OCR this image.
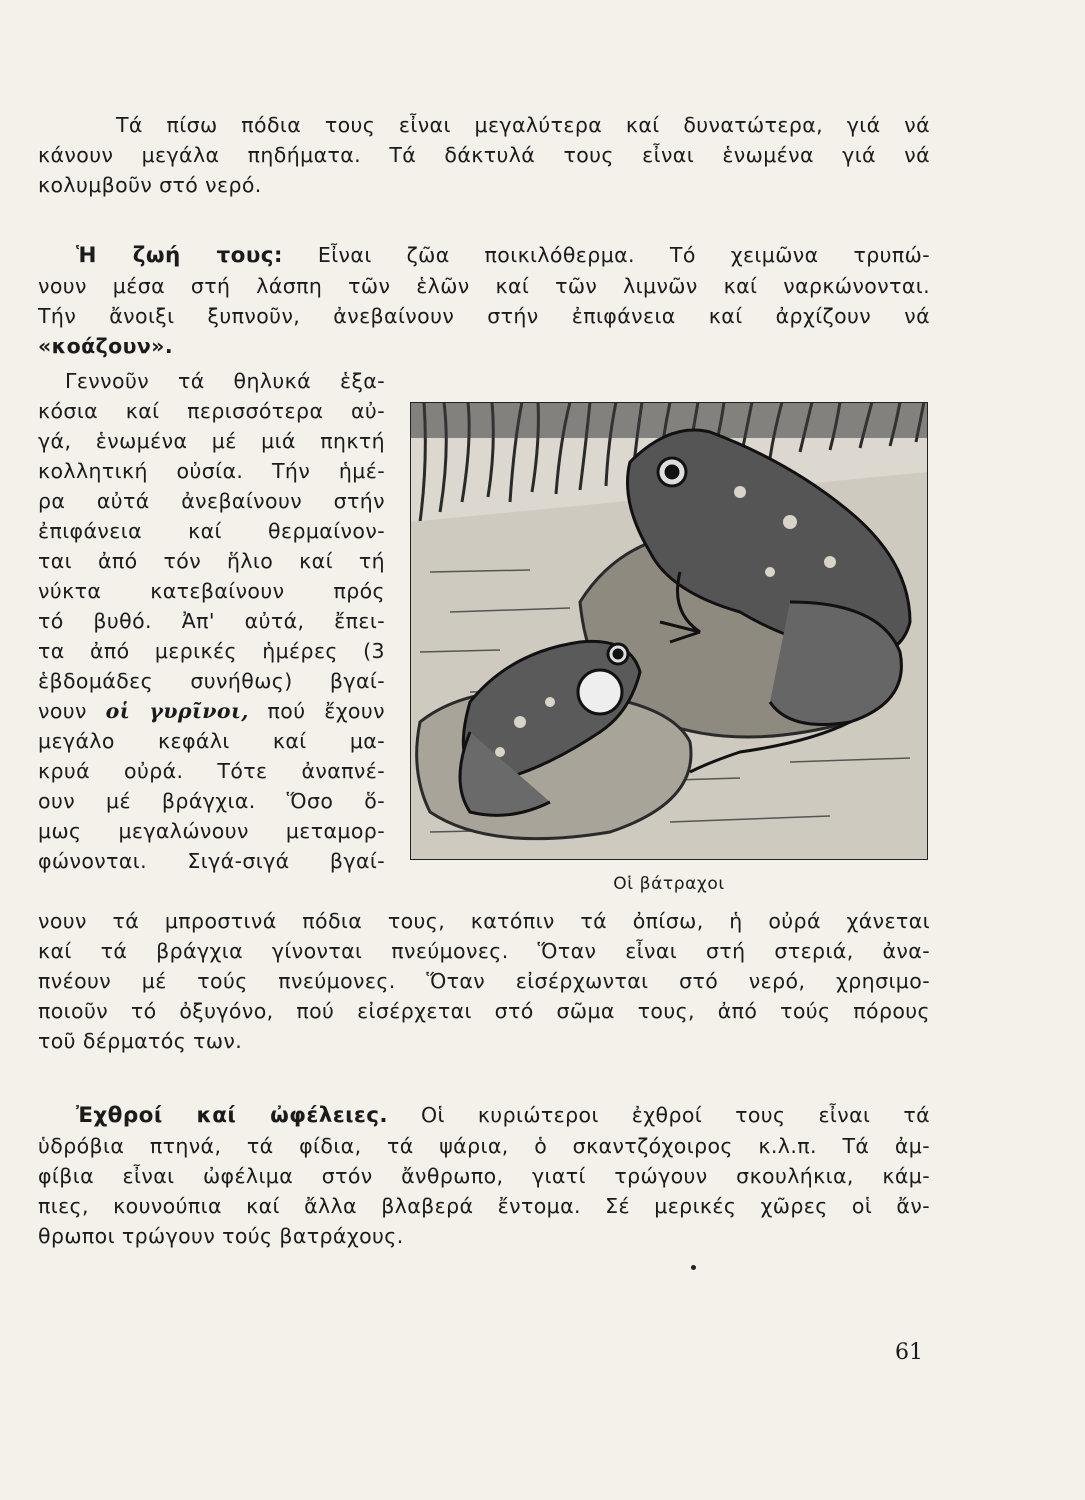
Τά πίσω πόδια τους εἶναι μεγαλύτερα καί δυνατώτερα, γιά νά
κάνουν μεγάλα πηδήματα. Τά δάκτυλά τους εἶναι ἑνωμένα γιά νά
κολυμβοῦν στό νερό.
Ἡ ζωή τους: Εἶναι ζῶα ποικιλόθερμα. Τό χειμῶνα τρυπώ-
νουν μέσα στή λάσπη τῶν ἑλῶν καί τῶν λιμνῶν καί ναρκώνονται.
Τήν ἄνοιξι ξυπνοῦν, ἀνεβαίνουν στήν ἐπιφάνεια καί ἀρχίζουν νά
«κοάζουν».
Γεννοῦν τά θηλυκά ἑξα-
κόσια καί περισσότερα αὐ-
γά, ἑνωμένα μέ μιά πηκτή
κολλητική οὐσία. Τήν ἡμέ-
ρα αὐτά ἀνεβαίνουν στήν
ἐπιφάνεια καί θερμαίνον-
ται ἀπό τόν ἥλιο καί τή
νύκτα κατεβαίνουν πρός
τό βυθό. Ἀπ' αὐτά, ἔπει-
τα ἀπό μερικές ἡμέρες (3
ἑβδομάδες συνήθως) βγαί-
νουν οἱ γυρῖνοι, πού ἔχουν
μεγάλο κεφάλι καί μα-
κρυά οὐρά. Τότε ἀναπνέ-
ουν μέ βράγχια. Ὅσο ὅ-
μως μεγαλώνουν μεταμορ-
φώνονται. Σιγά-σιγά βγαί-
Οἱ βάτραχοι
νουν τά μπροστινά πόδια τους, κατόπιν τά ὀπίσω, ἡ οὐρά χάνεται
καί τά βράγχια γίνονται πνεύμονες. Ὅταν εἶναι στή στεριά, ἀνα-
πνέουν μέ τούς πνεύμονες. Ὅταν εἰσέρχωνται στό νερό, χρησιμο-
ποιοῦν τό ὀξυγόνο, πού εἰσέρχεται στό σῶμα τους, ἀπό τούς πόρους
τοῦ δέρματός των.
Ἐχθροί καί ὠφέλειες. Οἱ κυριώτεροι ἐχθροί τους εἶναι τά
ὑδρόβια πτηνά, τά φίδια, τά ψάρια, ὁ σκαντζόχοιρος κ.λ.π. Τά ἀμ-
φίβια εἶναι ὠφέλιμα στόν ἄνθρωπο, γιατί τρώγουν σκουλήκια, κάμ-
πιες, κουνούπια καί ἄλλα βλαβερά ἔντομα. Σέ μερικές χῶρες οἱ ἄν-
θρωποι τρώγουν τούς βατράχους.
61
